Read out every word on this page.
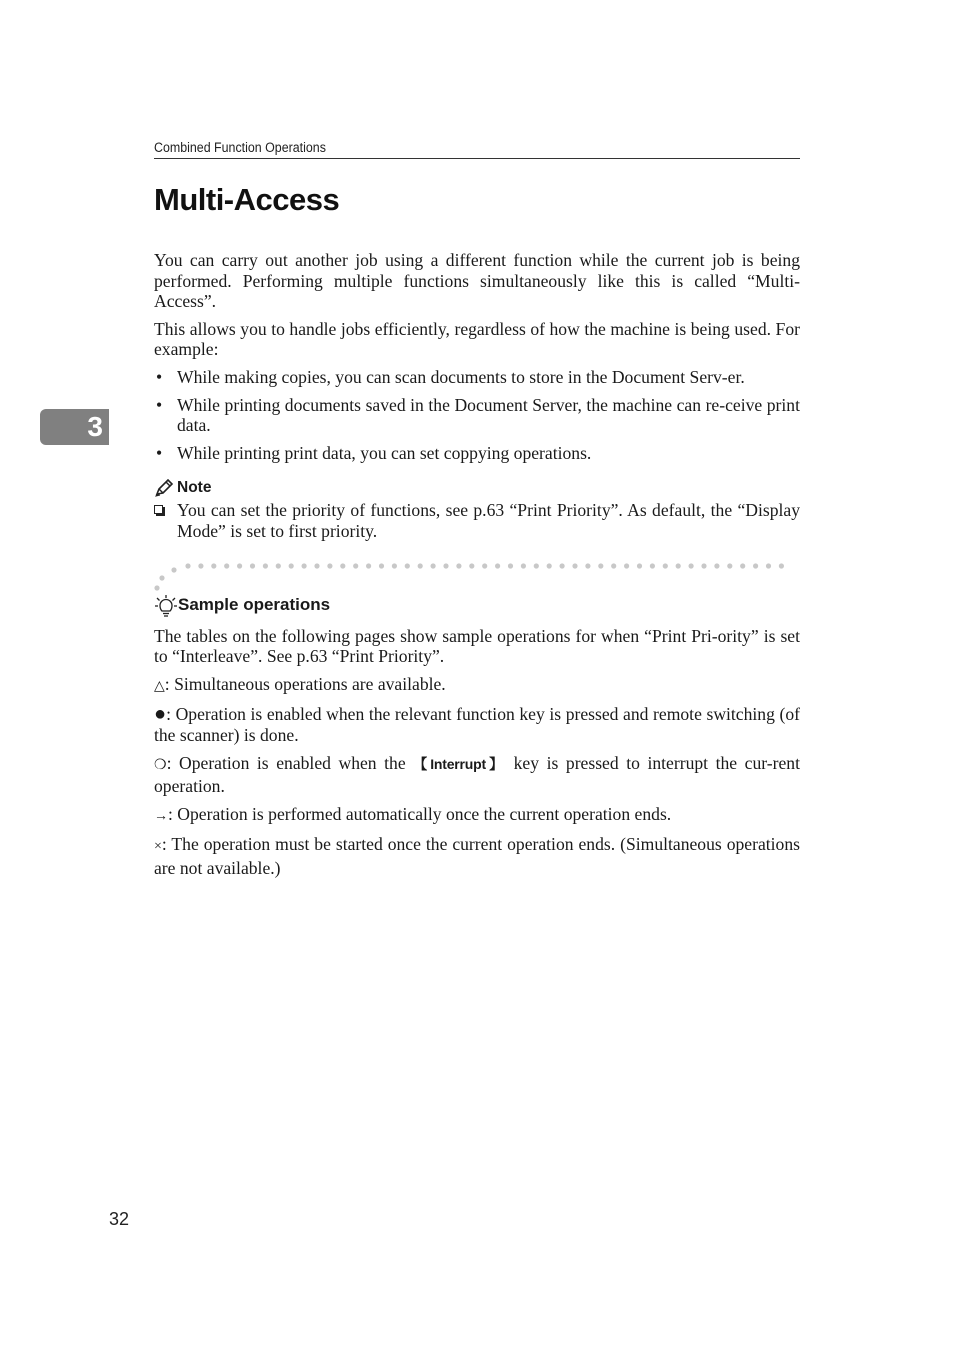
Combined Function Operations
Multi-Access
3

You can carry out another job using a different function while the current job is being performed. Performing multiple functions simultaneously like this is called “Multi-Access”.

This allows you to handle jobs efficiently, regardless of how the machine is being used. For example:

• While making copies, you can scan documents to store in the Document Serv-er.
• While printing documents saved in the Document Server, the machine can re-ceive print data.
• While printing print data, you can set coppying operations.
Note
You can set the priority of functions, see p.63 “Print Priority”. As default, the “Display Mode” is set to first priority.
Sample operations

The tables on the following pages show sample operations for when “Print Pri-ority” is set to “Interleave”. See p.63 “Print Priority”.

△: Simultaneous operations are available.

●: Operation is enabled when the relevant function key is pressed and remote switching (of the scanner) is done.

❍: Operation is enabled when the 【Interrupt】 key is pressed to interrupt the cur-rent operation.

→: Operation is performed automatically once the current operation ends.

×: The operation must be started once the current operation ends. (Simultaneous operations are not available.)

32
